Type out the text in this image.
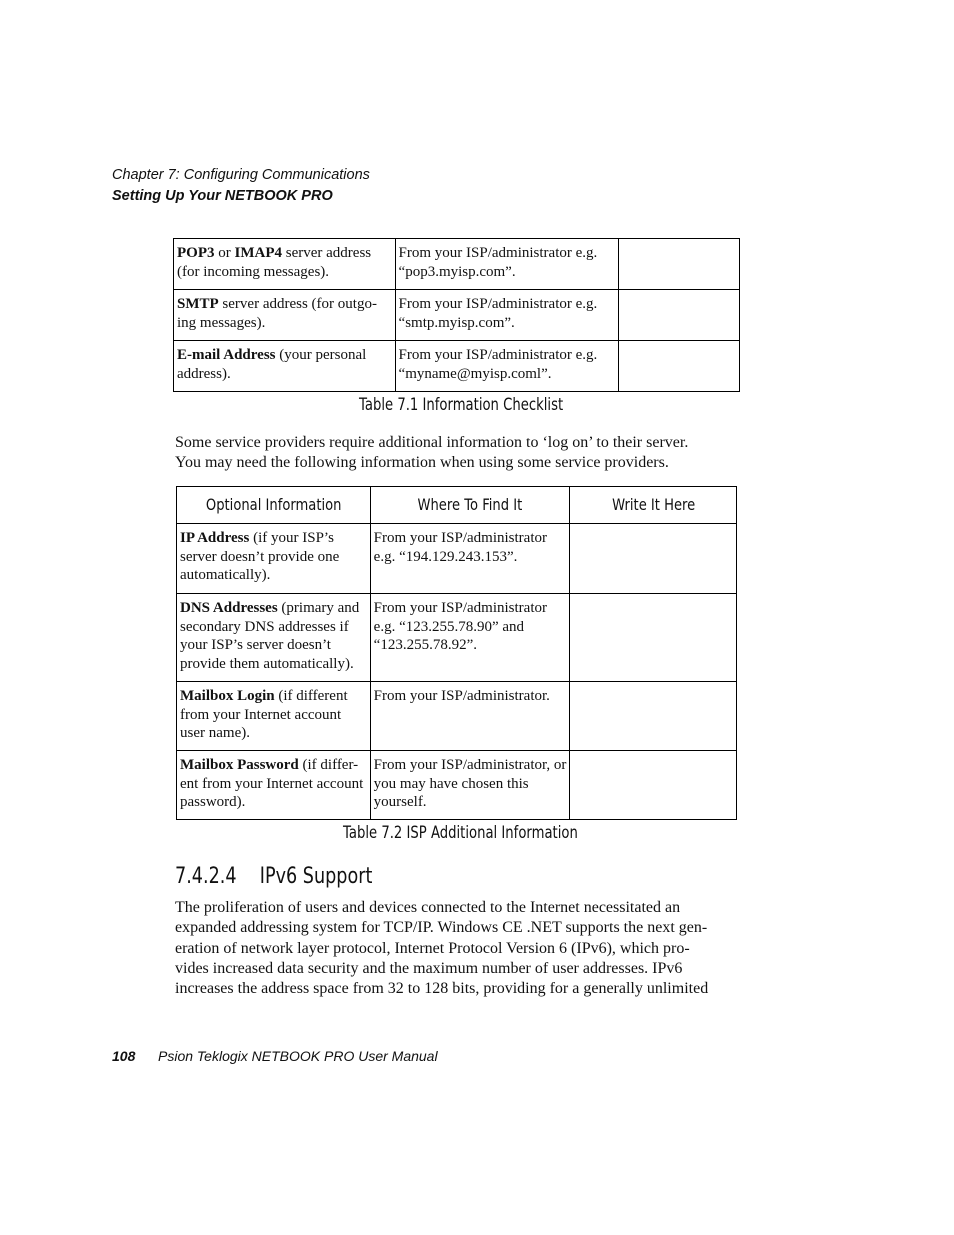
Chapter 7: Configuring Communications
Setting Up Your NETBOOK PRO
POP3 or IMAP4 server address (for incoming messages).	From your ISP/administrator e.g. “pop3.myisp.com”.	
SMTP server address (for outgo-ing messages).	From your ISP/administrator e.g. “smtp.myisp.com”.	
E-mail Address (your personal address).	From your ISP/administrator e.g. “myname@myisp.coml”.	
Table 7.1 Information Checklist

Some service providers require additional information to ‘log on’ to their server.
You may need the following information when using some service providers.

Optional Information	Where To Find It	Write It Here
IP Address (if your ISP’s server doesn’t provide one automatically).	From your ISP/administrator e.g. “194.129.243.153”.	
DNS Addresses (primary and secondary DNS addresses if your ISP’s server doesn’t provide them automatically).	From your ISP/administrator e.g. “123.255.78.90” and “123.255.78.92”.	
Mailbox Login (if different from your Internet account user name).	From your ISP/administrator.	
Mailbox Password (if differ-ent from your Internet account password).	From your ISP/administrator, or you may have chosen this yourself.	
Table 7.2 ISP Additional Information
7.4.2.4 IPv6 Support

The proliferation of users and devices connected to the Internet necessitated an
expanded addressing system for TCP/IP. Windows CE .NET supports the next gen-
eration of network layer protocol, Internet Protocol Version 6 (IPv6), which pro-
vides increased data security and the maximum number of user addresses. IPv6
increases the address space from 32 to 128 bits, providing for a generally unlimited

108 Psion Teklogix NETBOOK PRO User Manual
